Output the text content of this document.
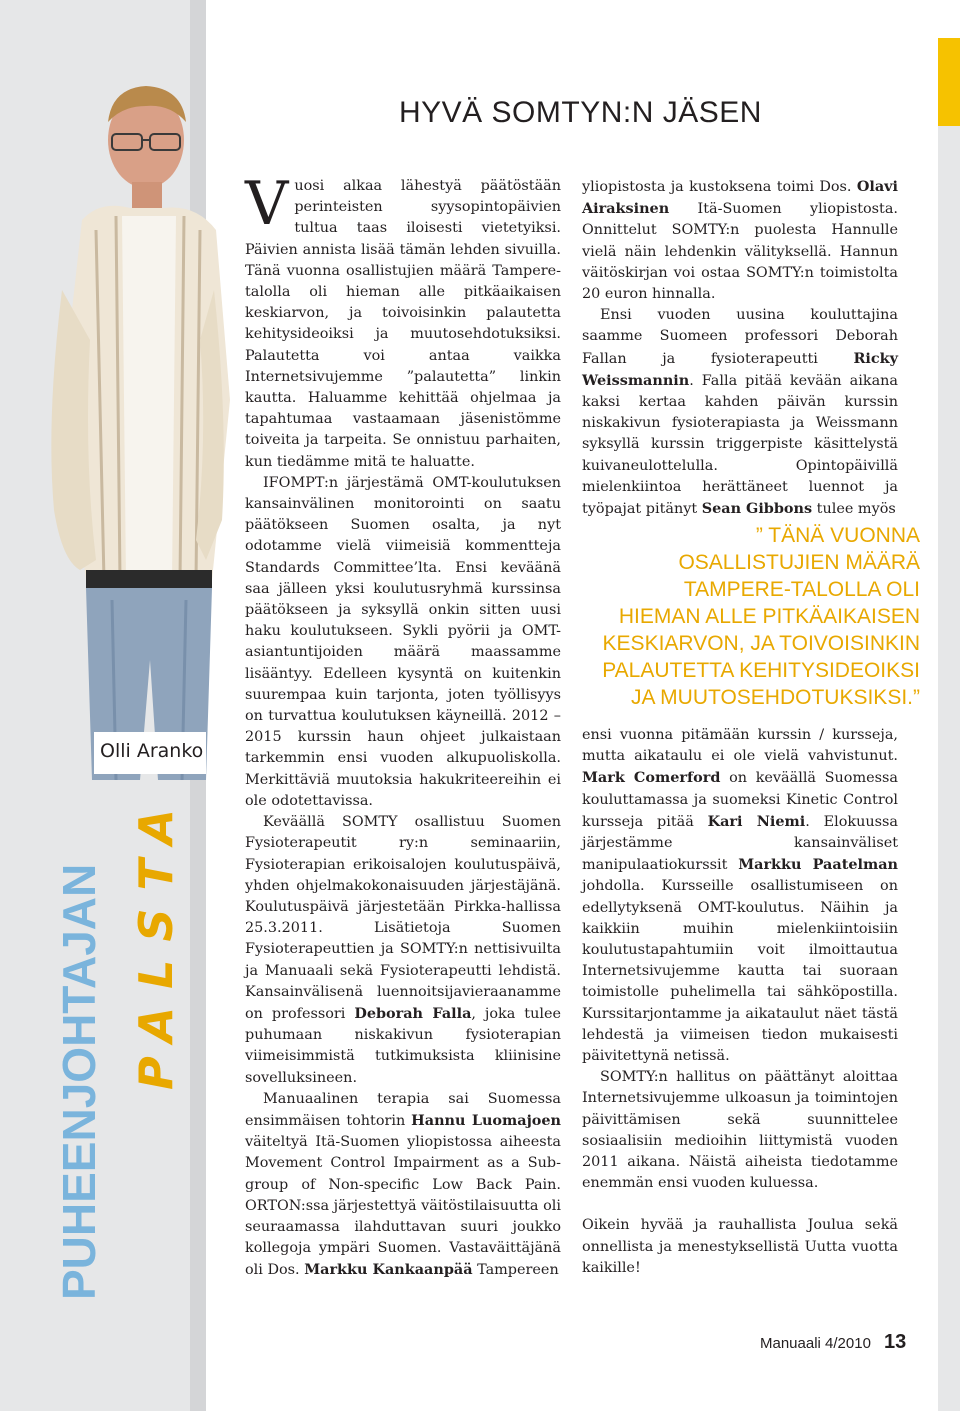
Olli Aranko
PUHEENJOHTAJAN PALSTA
HYVÄ SOMTYN:N JÄSEN

Vuosi alkaa lähestyä päätöstään perinteisten syysopintopäivien tultua taas iloisesti vietetyiksi. Päivien annista lisää tämän lehden sivuilla. Tänä vuonna osallistujien määrä Tampere-talolla oli hieman alle pitkäaikaisen keskiarvon, ja toivoisinkin palautetta kehitysideoiksi ja muutosehdotuksiksi. Palautetta voi antaa vaikka Internetsivujemme ”palautetta” linkin kautta. Haluamme kehittää ohjelmaa ja tapahtumaa vastaamaan jäsenistömme toiveita ja tarpeita. Se onnistuu parhaiten, kun tiedämme mitä te haluatte.

IFOMPT:n järjestämä OMT-koulutuksen kansainvälinen monitorointi on saatu päätökseen Suomen osalta, ja nyt odotamme vielä viimeisiä kommentteja Standards Committee’lta. Ensi keväänä saa jälleen yksi koulutusryhmä kurssinsa päätökseen ja syksyllä onkin sitten uusi haku koulutukseen. Sykli pyörii ja OMT-asiantuntijoiden määrä maassamme lisääntyy. Edelleen kysyntä on kuitenkin suurempaa kuin tarjonta, joten työllisyys on turvattua koulutuksen käyneillä. 2012 – 2015 kurssin haun ohjeet julkaistaan tarkemmin ensi vuoden alkupuoliskolla. Merkittäviä muutoksia hakukriteereihin ei ole odotettavissa.

Keväällä SOMTY osallistuu Suomen Fysioterapeutit ry:n seminaariin, Fysioterapian erikoisalojen koulutuspäivä, yhden ohjelmakokonaisuuden järjestäjänä. Koulutuspäivä järjestetään Pirkka-hallissa 25.3.2011. Lisätietoja Suomen Fysioterapeuttien ja SOMTY:n nettisivuilta ja Manuaali sekä Fysioterapeutti lehdistä. Kansainvälisenä luennoitsijavieraanamme on professori Deborah Falla, joka tulee puhumaan niskakivun fysioterapian viimeisimmistä tutkimuksista kliinisine sovelluksineen.

Manuaalinen terapia sai Suomessa ensimmäisen tohtorin Hannu Luomajoen väiteltyä Itä-Suomen yliopistossa aiheesta Movement Control Impairment as a Sub-group of Non-specific Low Back Pain. ORTON:ssa järjestettyä väitöstilaisuutta oli seuraamassa ilahduttavan suuri joukko kollegoja ympäri Suomen. Vastaväittäjänä oli Dos. Markku Kankaanpää Tampereen

yliopistosta ja kustoksena toimi Dos. Olavi Airaksinen Itä-Suomen yliopistosta. Onnittelut SOMTY:n puolesta Hannulle vielä näin lehdenkin välityksellä. Hannun väitöskirjan voi ostaa SOMTY:n toimistolta 20 euron hinnalla.

Ensi vuoden uusina kouluttajina saamme Suomeen professori Deborah Fallan ja fysioterapeutti Ricky Weissmannin. Falla pitää kevään aikana kaksi kertaa kahden päivän kurssin niskakivun fysioterapiasta ja Weissmann syksyllä kurssin triggerpiste käsittelystä kuivaneulottelulla. Opintopäivillä mielenkiintoa herättäneet luennot ja työpajat pitänyt Sean Gibbons tulee myös

” TÄNÄ VUONNA OSALLISTUJIEN MÄÄRÄ TAMPERE-TALOLLA OLI HIEMAN ALLE PITKÄAIKAISEN KESKIARVON, JA TOIVOISINKIN PALAUTETTA KEHITYSIDEOIKSI JA MUUTOSEHDOTUKSIKSI.”

ensi vuonna pitämään kurssin / kursseja, mutta aikataulu ei ole vielä vahvistunut. Mark Comerford on keväällä Suomessa kouluttamassa ja suomeksi Kinetic Control kursseja pitää Kari Niemi. Elokuussa järjestämme kansainväliset manipulaatiokurssit Markku Paatelman johdolla. Kursseille osallistumiseen on edellytyksenä OMT-koulutus. Näihin ja kaikkiin muihin mielenkiintoisiin koulutustapahtumiin voit ilmoittautua Internetsivujemme kautta tai suoraan toimistolle puhelimella tai sähköpostilla. Kurssitarjontamme ja aikataulut näet tästä lehdestä ja viimeisen tiedon mukaisesti päivitettynä netissä.

SOMTY:n hallitus on päättänyt aloittaa Internetsivujemme ulkoasun ja toimintojen päivittämisen sekä suunnittelee sosiaalisiin medioihin liittymistä vuoden 2011 aikana. Näistä aiheista tiedotamme enemmän ensi vuoden kuluessa.

Oikein hyvää ja rauhallista Joulua sekä onnellista ja menestyksellistä Uutta vuotta kaikille!

Manuaali 4/2010 13
